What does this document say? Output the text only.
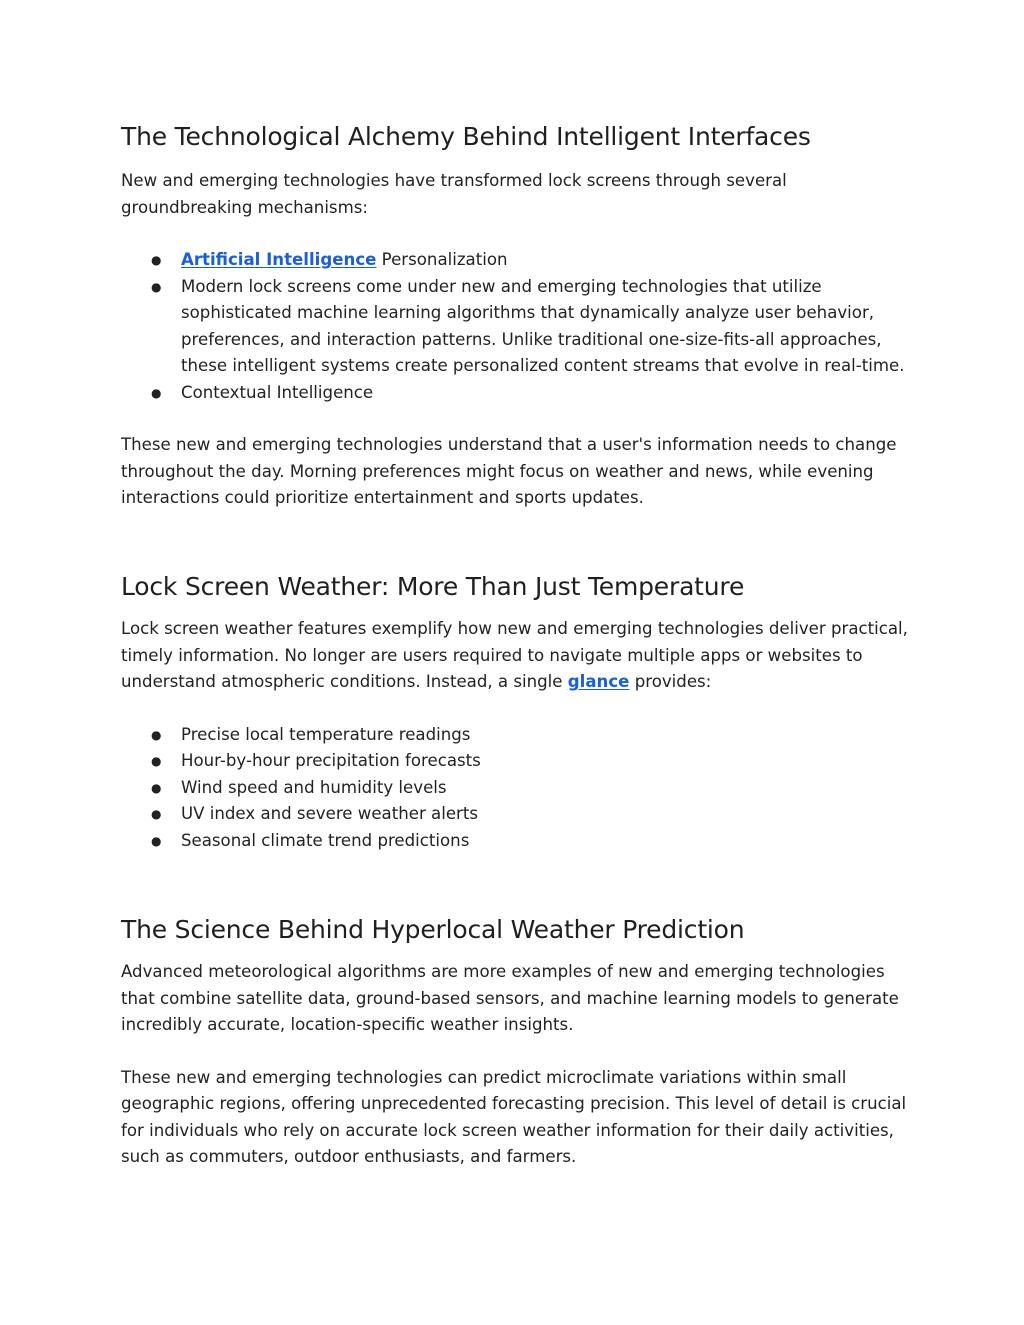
The Technological Alchemy Behind Intelligent Interfaces

New and emerging technologies have transformed lock screens through several groundbreaking mechanisms:

● Artificial Intelligence Personalization
● Modern lock screens come under new and emerging technologies that utilize sophisticated machine learning algorithms that dynamically analyze user behavior, preferences, and interaction patterns. Unlike traditional one-size-fits-all approaches, these intelligent systems create personalized content streams that evolve in real-time.
● Contextual Intelligence

These new and emerging technologies understand that a user's information needs to change throughout the day. Morning preferences might focus on weather and news, while evening interactions could prioritize entertainment and sports updates.

Lock Screen Weather: More Than Just Temperature

Lock screen weather features exemplify how new and emerging technologies deliver practical, timely information. No longer are users required to navigate multiple apps or websites to understand atmospheric conditions. Instead, a single glance provides:

● Precise local temperature readings
● Hour-by-hour precipitation forecasts
● Wind speed and humidity levels
● UV index and severe weather alerts
● Seasonal climate trend predictions
The Science Behind Hyperlocal Weather Prediction

Advanced meteorological algorithms are more examples of new and emerging technologies that combine satellite data, ground-based sensors, and machine learning models to generate incredibly accurate, location-specific weather insights.

These new and emerging technologies can predict microclimate variations within small geographic regions, offering unprecedented forecasting precision. This level of detail is crucial for individuals who rely on accurate lock screen weather information for their daily activities, such as commuters, outdoor enthusiasts, and farmers.
